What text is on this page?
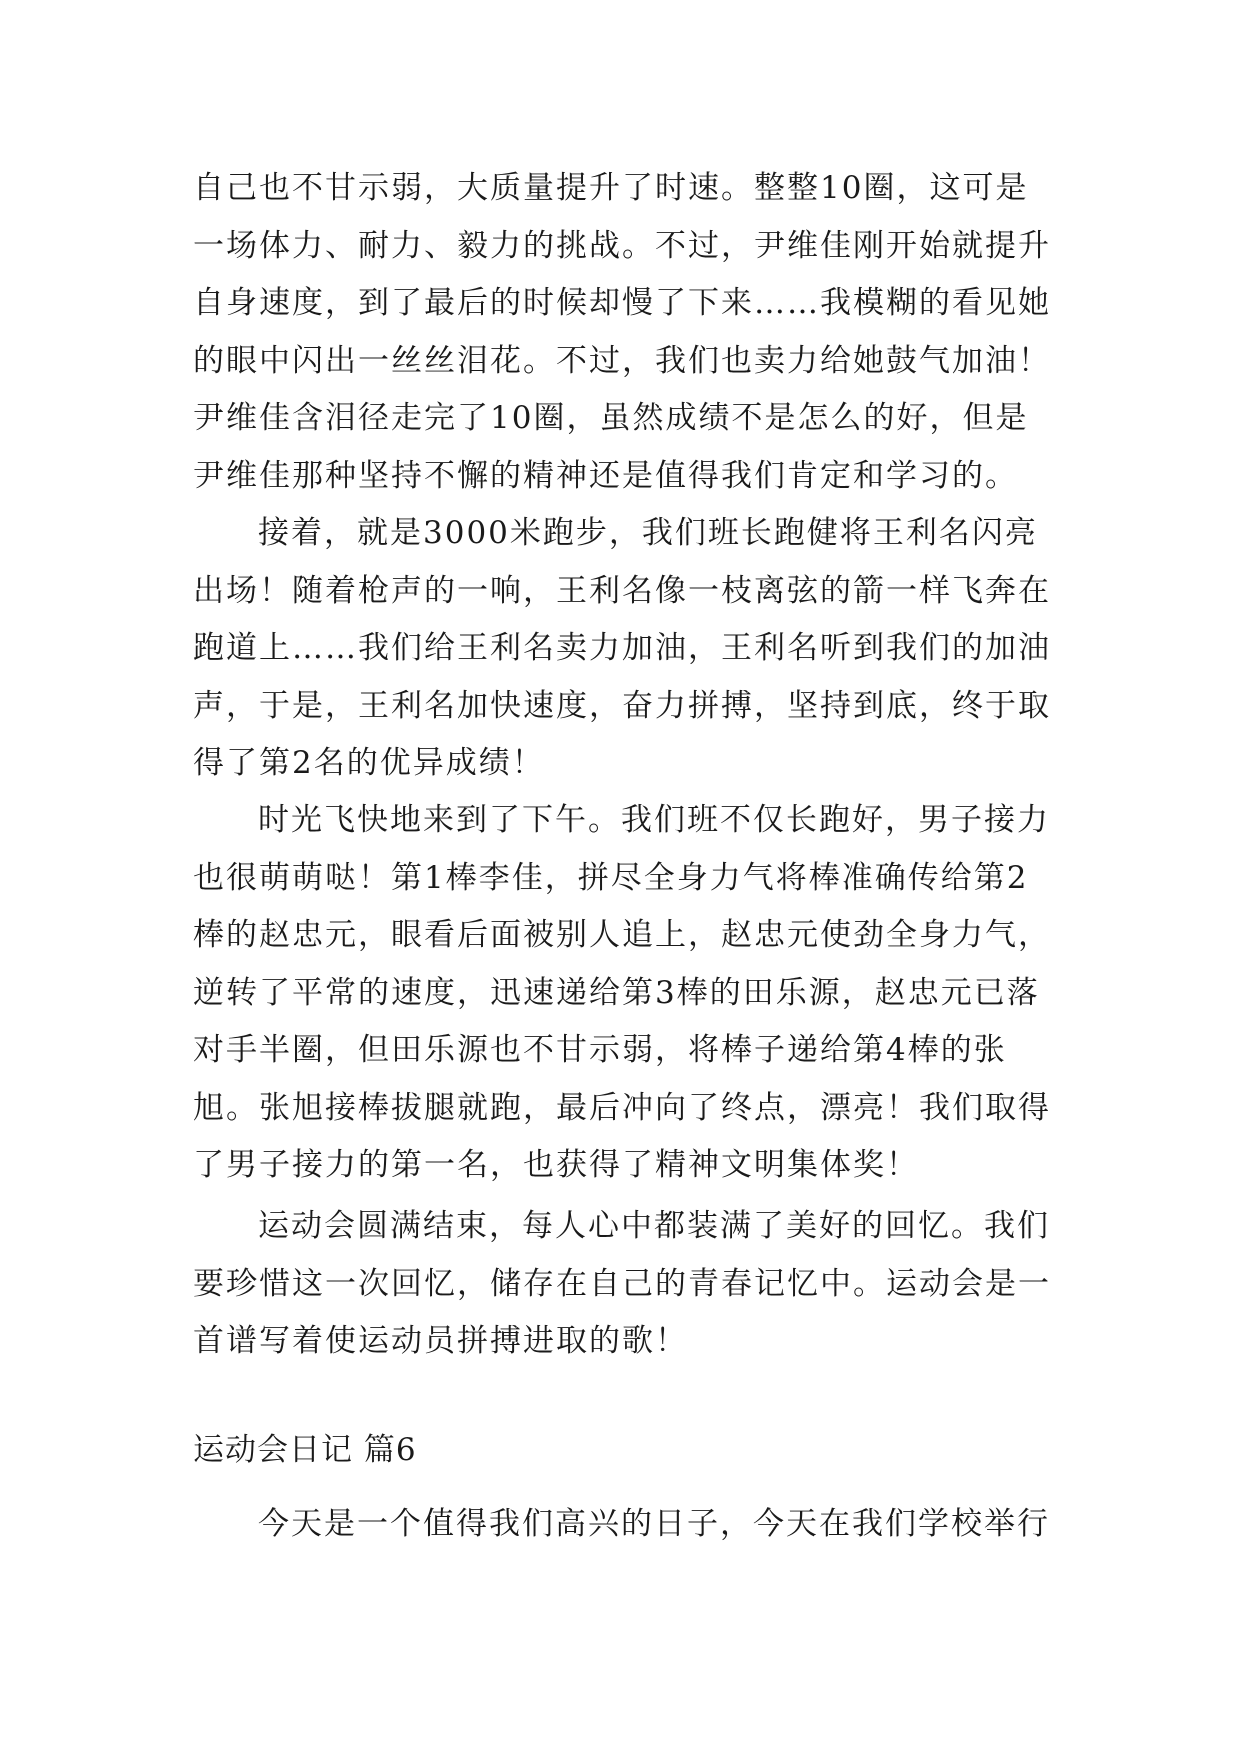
自己也不甘示弱，大质量提升了时速。整整10圈，这可是一场体力、耐力、毅力的挑战。不过，尹维佳刚开始就提升自身速度，到了最后的时候却慢了下来……我模糊的看见她的眼中闪出一丝丝泪花。不过，我们也卖力给她鼓气加油！尹维佳含泪径走完了10圈，虽然成绩不是怎么的好，但是尹维佳那种坚持不懈的精神还是值得我们肯定和学习的。

接着，就是3000米跑步，我们班长跑健将王利名闪亮出场！随着枪声的一响，王利名像一枝离弦的箭一样飞奔在跑道上……我们给王利名卖力加油，王利名听到我们的加油声，于是，王利名加快速度，奋力拼搏，坚持到底，终于取得了第2名的优异成绩！

时光飞快地来到了下午。我们班不仅长跑好，男子接力也很萌萌哒！第1棒李佳，拼尽全身力气将棒准确传给第2棒的赵忠元，眼看后面被别人追上，赵忠元使劲全身力气，逆转了平常的速度，迅速递给第3棒的田乐源，赵忠元已落对手半圈，但田乐源也不甘示弱，将棒子递给第4棒的张旭。张旭接棒拔腿就跑，最后冲向了终点，漂亮！我们取得了男子接力的第一名，也获得了精神文明集体奖！

运动会圆满结束，每人心中都装满了美好的回忆。我们要珍惜这一次回忆，储存在自己的青春记忆中。运动会是一首谱写着使运动员拼搏进取的歌！

运动会日记 篇6

今天是一个值得我们高兴的日子，今天在我们学校举行
